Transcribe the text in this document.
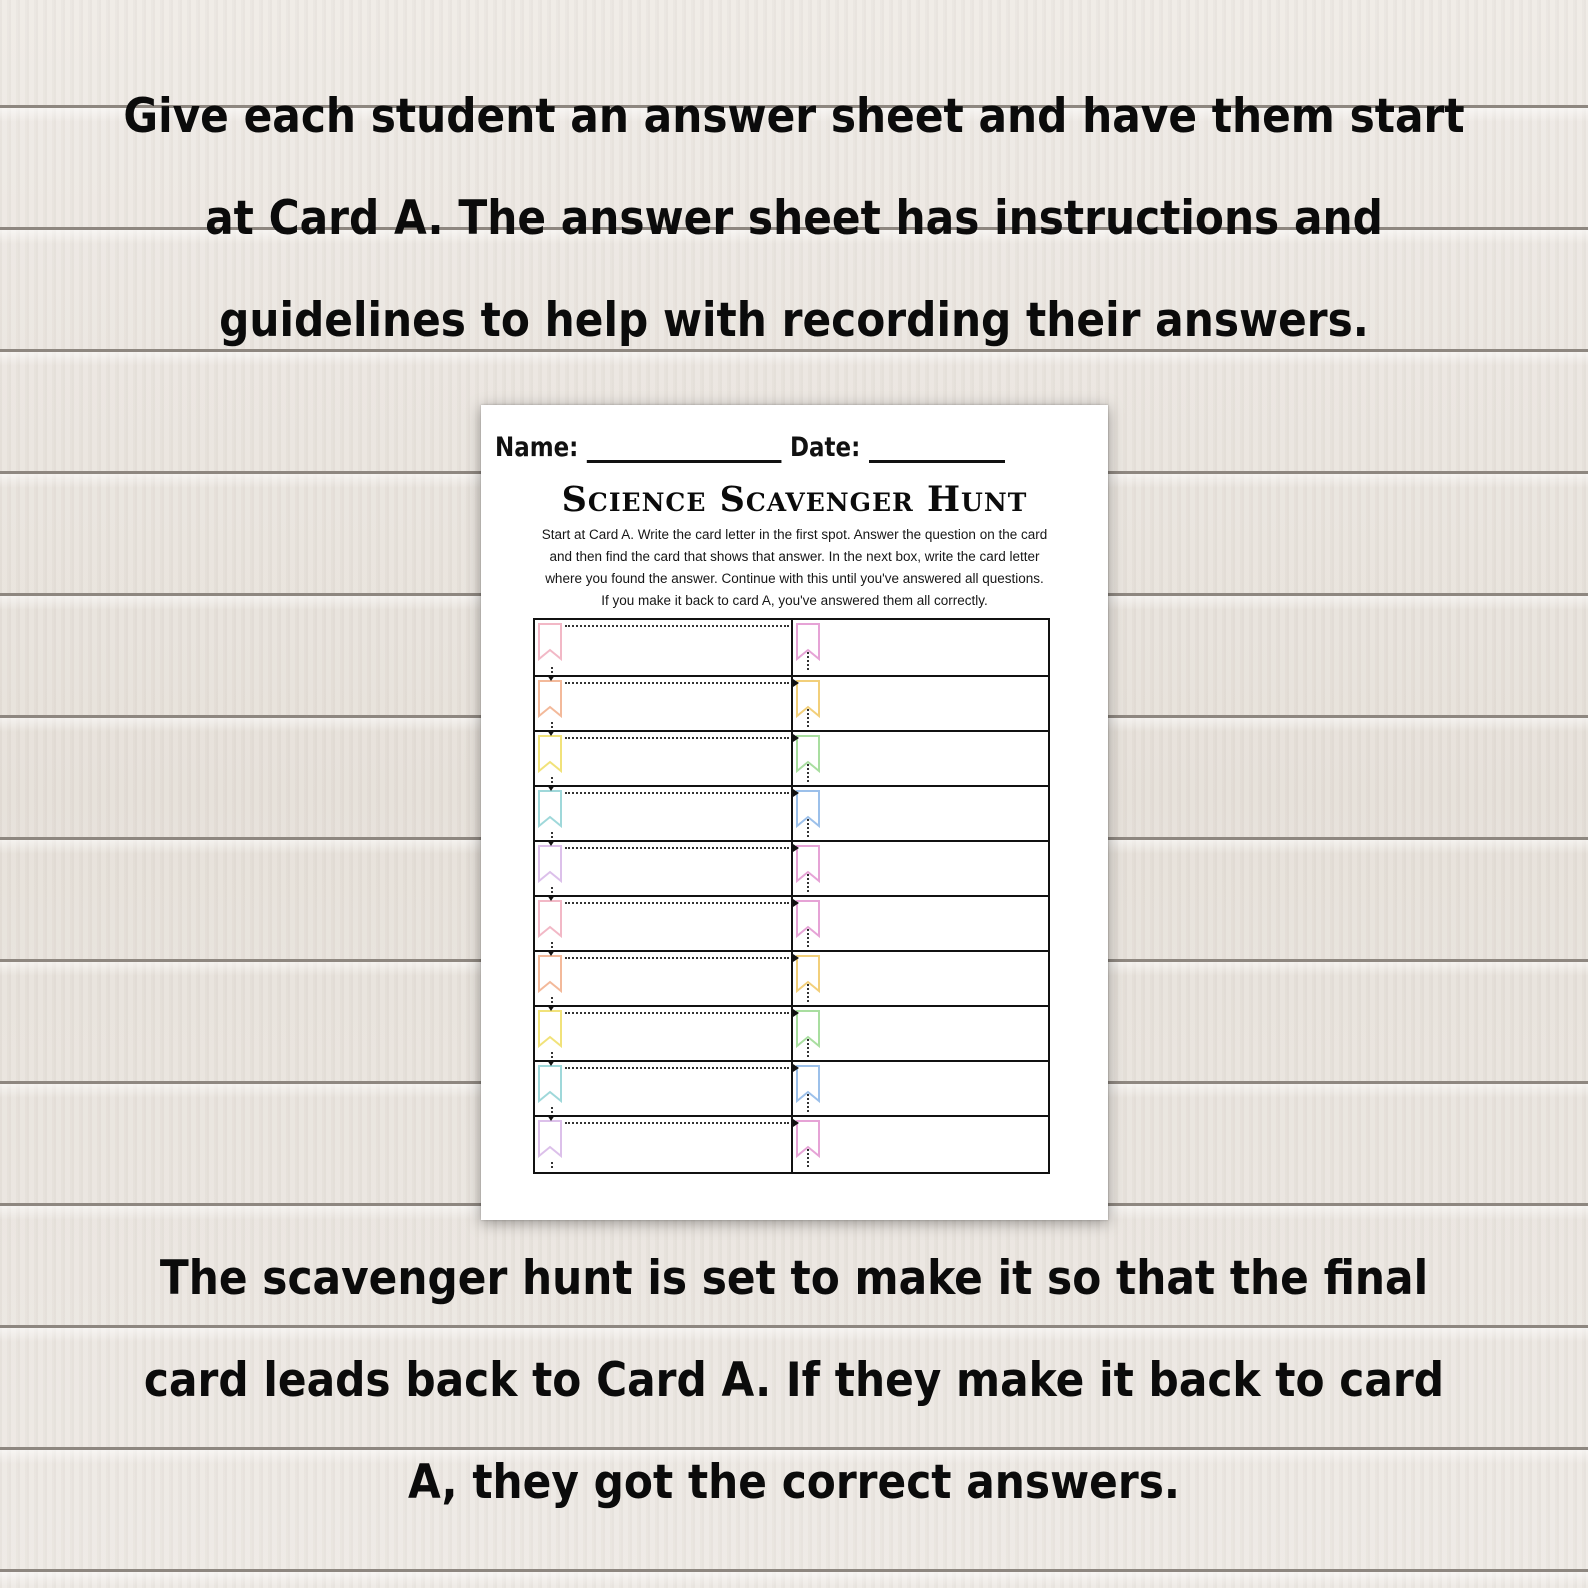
Give each student an answer sheet and have them start at Card A. The answer sheet has instructions and guidelines to help with recording their answers.

Name:	Date:
Science Scavenger Hunt

Start at Card A. Write the card letter in the first spot. Answer the question on the card and then find the card that shows that answer. In the next box, write the card letter where you found the answer. Continue with this until you've answered all questions. If you make it back to card A, you've answered them all correctly.

The scavenger hunt is set to make it so that the final card leads back to Card A. If they make it back to card A, they got the correct answers.
